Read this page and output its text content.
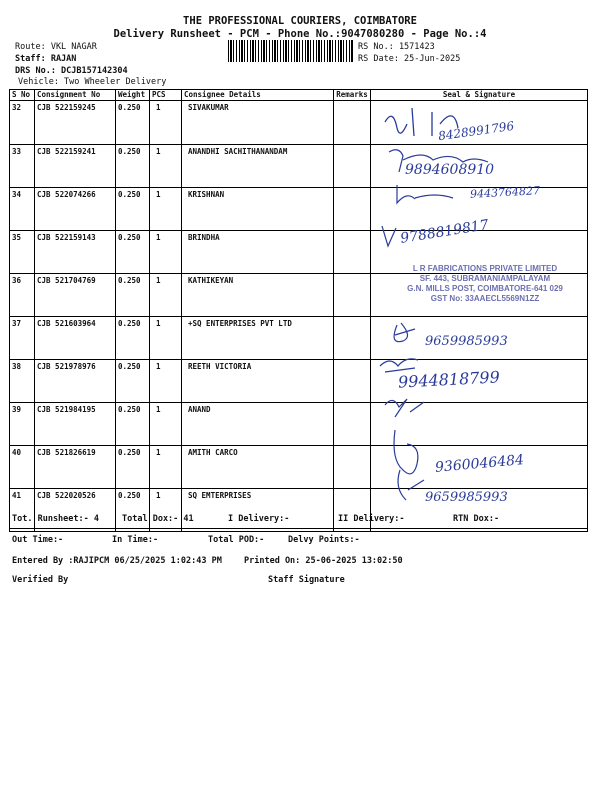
THE PROFESSIONAL COURIERS, COIMBATORE
Delivery Runsheet - PCM - Phone No.:9047080280 - Page No.:4
Route: VKL NAGAR
Staff: RAJAN
DRS No.: DCJB157142304
Vehicle: Two Wheeler Delivery
RS No.: 1571423
RS Date: 25-Jun-2025
S No	Consignment No	Weight	PCS	Consignee Details	Remarks	Seal & Signature
32	CJB 522159245	0.250	1	SIVAKUMAR		
33	CJB 522159241	0.250	1	ANANDHI SACHITHANANDAM		
34	CJB 522074266	0.250	1	KRISHNAN		
35	CJB 522159143	0.250	1	BRINDHA		
36	CJB 521704769	0.250	1	KATHIKEYAN		
37	CJB 521603964	0.250	1	+SQ ENTERPRISES PVT LTD		
38	CJB 521978976	0.250	1	REETH VICTORIA		
39	CJB 521984195	0.250	1	ANAND		
40	CJB 521826619	0.250	1	AMITH CARCO		
41	CJB 522020526	0.250	1	SQ EMTERPRISES		
8428991796
9894608910
9443764827
9788819817
9659985993
9944818799
9360046484
9659985993
L R FABRICATIONS PRIVATE LIMITED
SF. 443, SUBRAMANIAMPALAYAM
G.N. MILLS POST, COIMBATORE-641 029
GST No: 33AAECL5569N1ZZ
Tot. Runsheet:- 4	Total Dox:- 41	I Delivery:-	II Delivery:-	RTN Dox:-
Out Time:-	In Time:-	Total POD:-	Delvy Points:-
Entered By :RAJIPCM 06/25/2025 1:02:43 PM	Printed On: 25-06-2025 13:02:50
Verified By	Staff Signature
